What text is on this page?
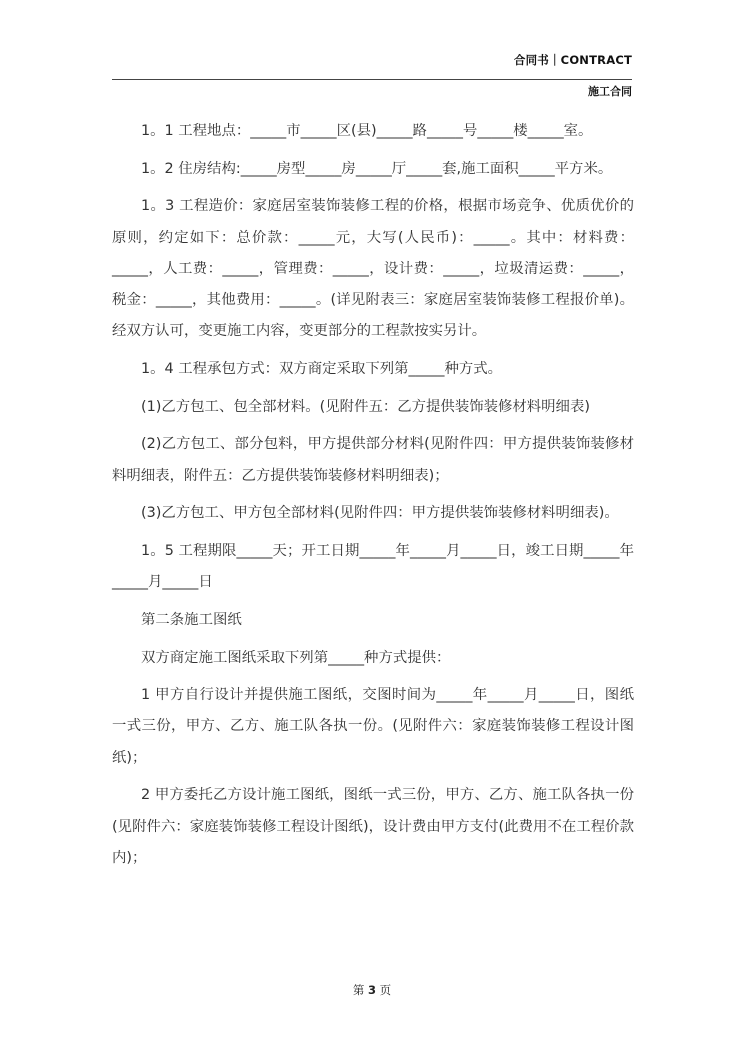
合同书｜CONTRACT
施工合同

1。1 工程地点：_____市_____区(县)_____路_____号_____楼_____室。

1。2 住房结构:_____房型_____房_____厅_____套,施工面积_____平方米。

1。3 工程造价：家庭居室装饰装修工程的价格，根据市场竞争、优质优价的原则，约定如下：总价款：_____元，大写(人民币)：_____。其中：材料费：_____，人工费：_____，管理费：_____，设计费：_____，垃圾清运费：_____，税金：_____，其他费用：_____。(详见附表三：家庭居室装饰装修工程报价单)。经双方认可，变更施工内容，变更部分的工程款按实另计。

1。4 工程承包方式：双方商定采取下列第_____种方式。

(1)乙方包工、包全部材料。(见附件五：乙方提供装饰装修材料明细表)

(2)乙方包工、部分包料，甲方提供部分材料(见附件四：甲方提供装饰装修材料明细表，附件五：乙方提供装饰装修材料明细表)；

(3)乙方包工、甲方包全部材料(见附件四：甲方提供装饰装修材料明细表)。

1。5 工程期限_____天；开工日期_____年_____月_____日，竣工日期_____年_____月_____日

第二条施工图纸

双方商定施工图纸采取下列第_____种方式提供：

1 甲方自行设计并提供施工图纸，交图时间为_____年_____月_____日，图纸一式三份，甲方、乙方、施工队各执一份。(见附件六：家庭装饰装修工程设计图纸)；

2 甲方委托乙方设计施工图纸，图纸一式三份，甲方、乙方、施工队各执一份(见附件六：家庭装饰装修工程设计图纸)，设计费由甲方支付(此费用不在工程价款内)；

第 3 页
